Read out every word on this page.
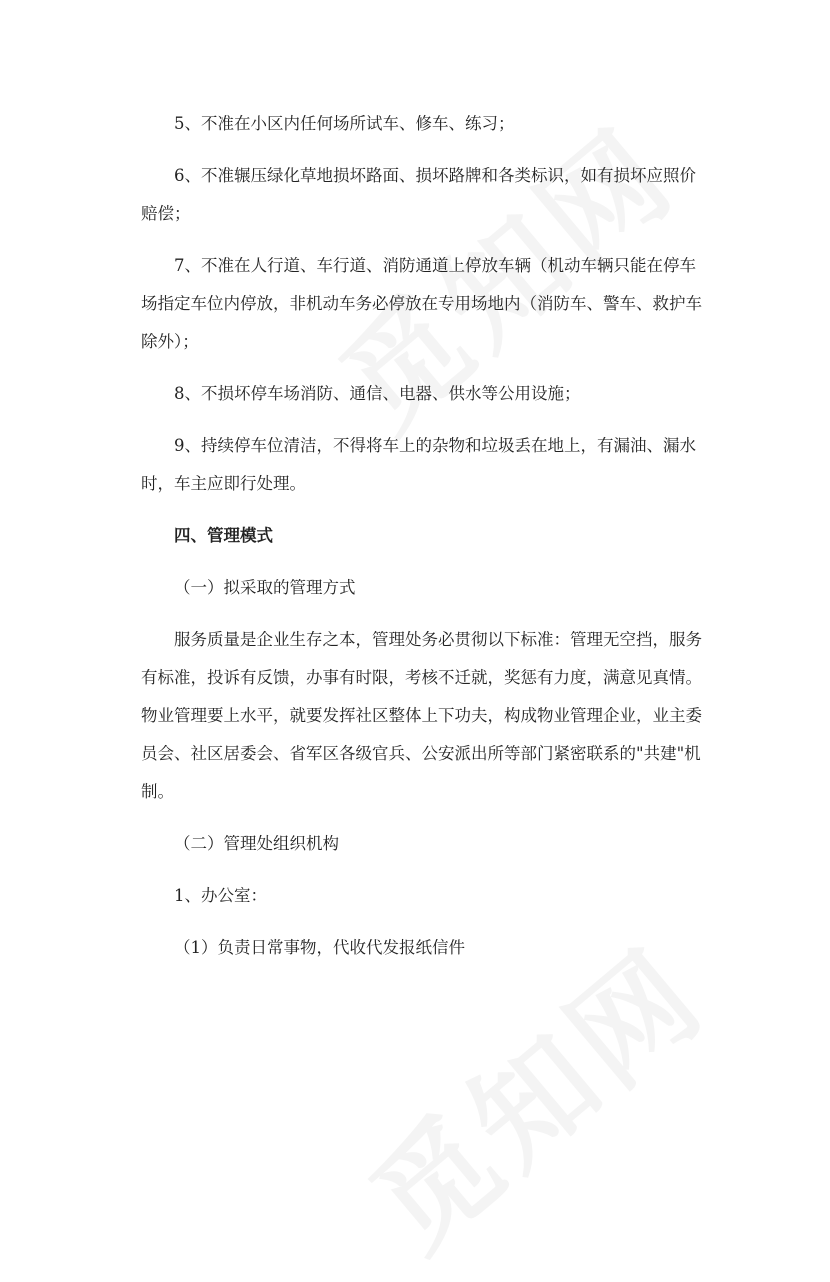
5、不准在小区内任何场所试车、修车、练习；
6、不准辗压绿化草地损坏路面、损坏路牌和各类标识，如有损坏应照价
赔偿；
7、不准在人行道、车行道、消防通道上停放车辆（机动车辆只能在停车
场指定车位内停放，非机动车务必停放在专用场地内（消防车、警车、救护车
除外）；
8、不损坏停车场消防、通信、电器、供水等公用设施；
9、持续停车位清洁，不得将车上的杂物和垃圾丢在地上，有漏油、漏水
时，车主应即行处理。
四、管理模式
（一）拟采取的管理方式
服务质量是企业生存之本，管理处务必贯彻以下标准：管理无空挡，服务
有标准，投诉有反馈，办事有时限，考核不迁就，奖惩有力度，满意见真情。
物业管理要上水平，就要发挥社区整体上下功夫，构成物业管理企业，业主委
员会、社区居委会、省军区各级官兵、公安派出所等部门紧密联系的"共建"机
制。
（二）管理处组织机构
1、办公室：
（1）负责日常事物，代收代发报纸信件
